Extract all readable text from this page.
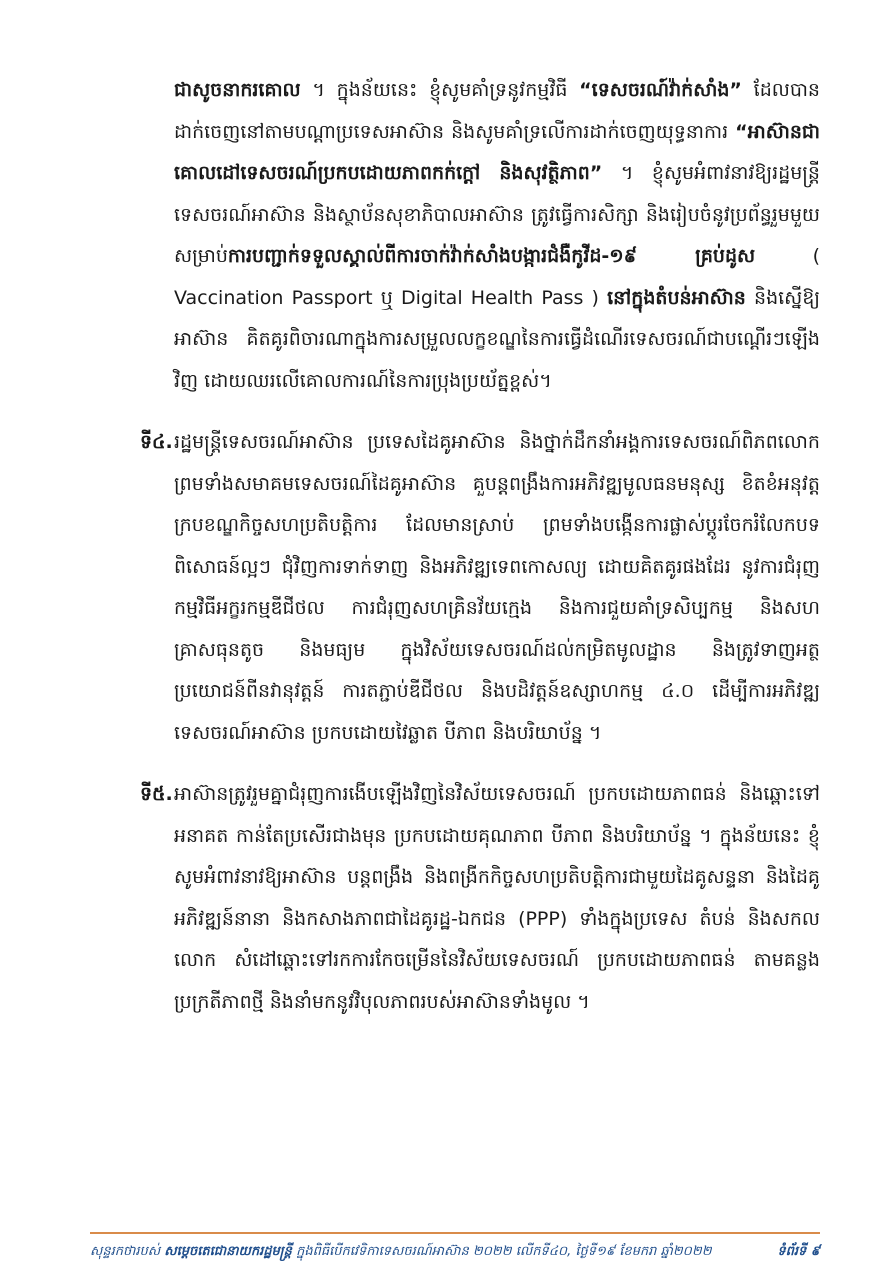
ជាសូចនាករគោល ។ ក្នុងន័យនេះ ខ្ញុំសូមគាំទ្រនូវកម្មវិធី “ទេសចរណ៍វ៉ាក់សាំង” ដែលបានដាក់ចេញនៅតាមបណ្តាប្រទេសអាស៊ាន និងសូមគាំទ្រលើការដាក់ចេញយុទ្ធនាការ “អាស៊ានជាគោលដៅទេសចរណ៍ប្រកបដោយភាពកក់ក្តៅ និងសុវត្ថិភាព” ។ ខ្ញុំសូមអំពាវនាវឱ្យរដ្ឋមន្ត្រីទេសចរណ៍អាស៊ាន និងស្ថាប័នសុខាភិបាលអាស៊ាន ត្រូវធ្វើការសិក្សា និងរៀបចំនូវប្រព័ន្ធរួមមួយ សម្រាប់ការបញ្ជាក់ទទួលស្គាល់ពីការចាក់វ៉ាក់សាំងបង្ការជំងឺកូវីដ-១៩ គ្រប់ដូស ( Vaccination Passport ឬ Digital Health Pass ) នៅក្នុងតំបន់អាស៊ាន និងស្នើឱ្យអាស៊ាន គិតគូរពិចារណាក្នុងការសម្រួលលក្ខខណ្ឌនៃការធ្វើដំណើរទេសចរណ៍ជាបណ្តើរៗឡើងវិញ ដោយឈរលើគោលការណ៍នៃការប្រុងប្រយ័ត្នខ្ពស់។

ទី៤. រដ្ឋមន្ត្រីទេសចរណ៍អាស៊ាន ប្រទេសដៃគូអាស៊ាន និងថ្នាក់ដឹកនាំអង្គការទេសចរណ៍ពិភពលោក ព្រមទាំងសមាគមទេសចរណ៍ដៃគូអាស៊ាន គួបន្តពង្រឹងការអភិវឌ្ឍមូលធនមនុស្ស ខិតខំអនុវត្តក្របខណ្ឌកិច្ចសហប្រតិបត្តិការ ដែលមានស្រាប់ ព្រមទាំងបង្កើនការផ្លាស់ប្តូរចែករំលែកបទពិសោធន៍ល្អៗ ជុំវិញការទាក់ទាញ និងអភិវឌ្ឍទេពកោសល្យ ដោយគិតគូរផងដែរ នូវការជំរុញកម្មវិធីអក្ខរកម្មឌីជីថល ការជំរុញសហគ្រិនវ័យក្មេង និងការជួយគាំទ្រសិប្បកម្ម និងសហគ្រាសធុនតូច និងមធ្យម ក្នុងវិស័យទេសចរណ៍ដល់កម្រិតមូលដ្ឋាន និងត្រូវទាញអត្ថប្រយោជន៍ពីនវានុវត្តន៍ ការតភ្ជាប់ឌីជីថល និងបដិវត្តន៍ឧស្សាហកម្ម ៤.០ ដើម្បីការអភិវឌ្ឍទេសចរណ៍អាស៊ាន ប្រកបដោយវៃឆ្លាត បីភាព និងបរិយាប័ន្ន ។
ទី៥. អាស៊ានត្រូវរួមគ្នាជំរុញការងើបឡើងវិញនៃវិស័យទេសចរណ៍ ប្រកបដោយភាពធន់ និងឆ្ពោះទៅអនាគត កាន់តែប្រសើរជាងមុន ប្រកបដោយគុណភាព បីភាព និងបរិយាប័ន្ន ។ ក្នុងន័យនេះ ខ្ញុំសូមអំពាវនាវឱ្យអាស៊ាន បន្តពង្រឹង និងពង្រីកកិច្ចសហប្រតិបត្តិការជាមួយដៃគូសន្ទនា និងដៃគូអភិវឌ្ឍន៍នានា និងកសាងភាពជាដៃគូរដ្ឋ-ឯកជន (PPP) ទាំងក្នុងប្រទេស តំបន់ និងសកលលោក សំដៅឆ្ពោះទៅរកការកែចម្រើននៃវិស័យទេសចរណ៍ ប្រកបដោយភាពធន់ តាមគន្លងប្រក្រតីភាពថ្មី និងនាំមកនូវវិបុលភាពរបស់អាស៊ានទាំងមូល ។
សុន្ទរកថារបស់ សម្តេចតេជោនាយករដ្ឋមន្ត្រី ក្នុងពិធីបើកវេទិកាទេសចរណ៍អាស៊ាន ២០២២ លើកទី៤០, ថ្ងៃទី១៩ ខែមករា ឆ្នាំ២០២២	ទំព័រទី ៩
